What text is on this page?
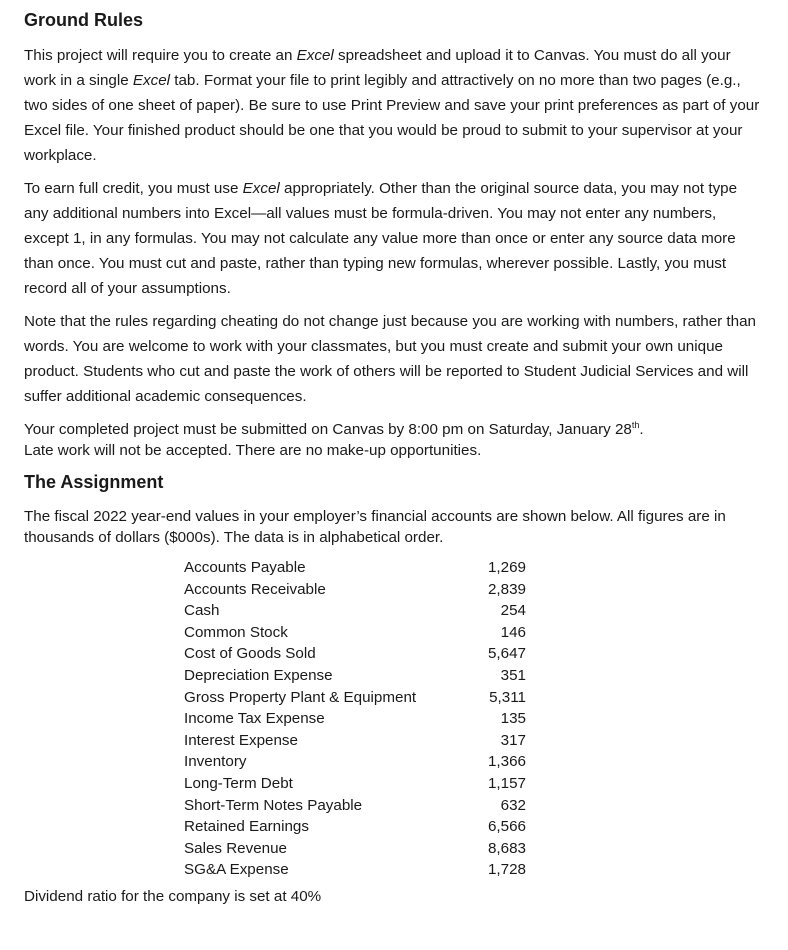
Ground Rules

This project will require you to create an Excel spreadsheet and upload it to Canvas. You must do all your work in a single Excel tab. Format your file to print legibly and attractively on no more than two pages (e.g., two sides of one sheet of paper). Be sure to use Print Preview and save your print preferences as part of your Excel file. Your finished product should be one that you would be proud to submit to your supervisor at your workplace.

To earn full credit, you must use Excel appropriately. Other than the original source data, you may not type any additional numbers into Excel—all values must be formula-driven. You may not enter any numbers, except 1, in any formulas. You may not calculate any value more than once or enter any source data more than once. You must cut and paste, rather than typing new formulas, wherever possible. Lastly, you must record all of your assumptions.

Note that the rules regarding cheating do not change just because you are working with numbers, rather than words. You are welcome to work with your classmates, but you must create and submit your own unique product. Students who cut and paste the work of others will be reported to Student Judicial Services and will suffer additional academic consequences.

Your completed project must be submitted on Canvas by 8:00 pm on Saturday, January 28th.
Late work will not be accepted. There are no make-up opportunities.

The Assignment

The fiscal 2022 year-end values in your employer’s financial accounts are shown below. All figures are in thousands of dollars ($000s). The data is in alphabetical order.

Accounts Payable	1,269
Accounts Receivable	2,839
Cash	254
Common Stock	146
Cost of Goods Sold	5,647
Depreciation Expense	351
Gross Property Plant & Equipment	5,311
Income Tax Expense	135
Interest Expense	317
Inventory	1,366
Long-Term Debt	1,157
Short-Term Notes Payable	632
Retained Earnings	6,566
Sales Revenue	8,683
SG&A Expense	1,728

Dividend ratio for the company is set at 40%
